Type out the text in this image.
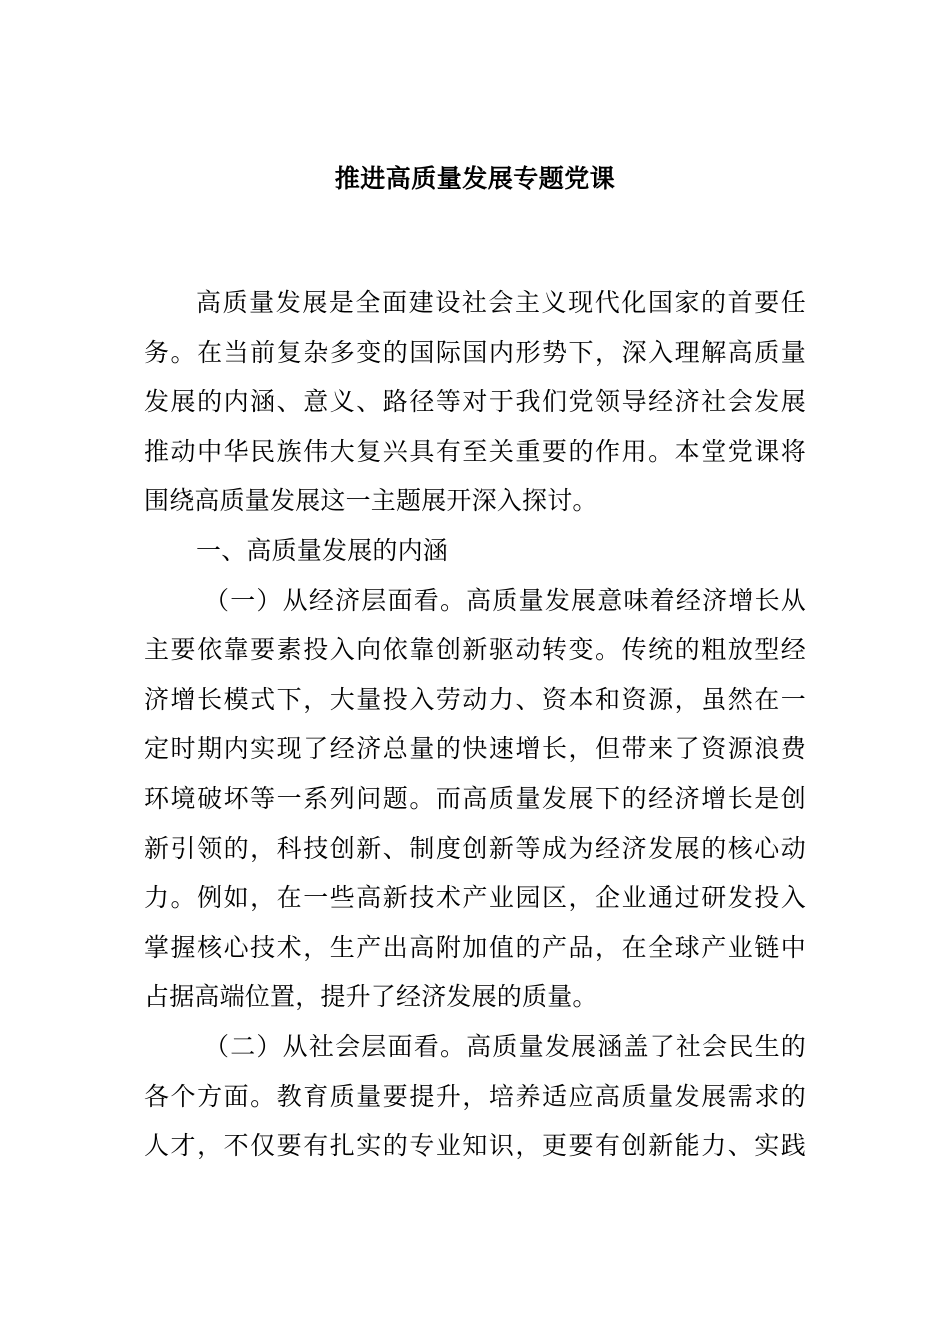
推进高质量发展专题党课
高质量发展是全面建设社会主义现代化国家的首要任
务。在当前复杂多变的国际国内形势下，深入理解高质量
发展的内涵、意义、路径等对于我们党领导经济社会发展
推动中华民族伟大复兴具有至关重要的作用。本堂党课将
围绕高质量发展这一主题展开深入探讨。
一、高质量发展的内涵
（一）从经济层面看。高质量发展意味着经济增长从
主要依靠要素投入向依靠创新驱动转变。传统的粗放型经
济增长模式下，大量投入劳动力、资本和资源，虽然在一
定时期内实现了经济总量的快速增长，但带来了资源浪费
环境破坏等一系列问题。而高质量发展下的经济增长是创
新引领的，科技创新、制度创新等成为经济发展的核心动
力。例如，在一些高新技术产业园区，企业通过研发投入
掌握核心技术，生产出高附加值的产品，在全球产业链中
占据高端位置，提升了经济发展的质量。
（二）从社会层面看。高质量发展涵盖了社会民生的
各个方面。教育质量要提升，培养适应高质量发展需求的
人才，不仅要有扎实的专业知识，更要有创新能力、实践
